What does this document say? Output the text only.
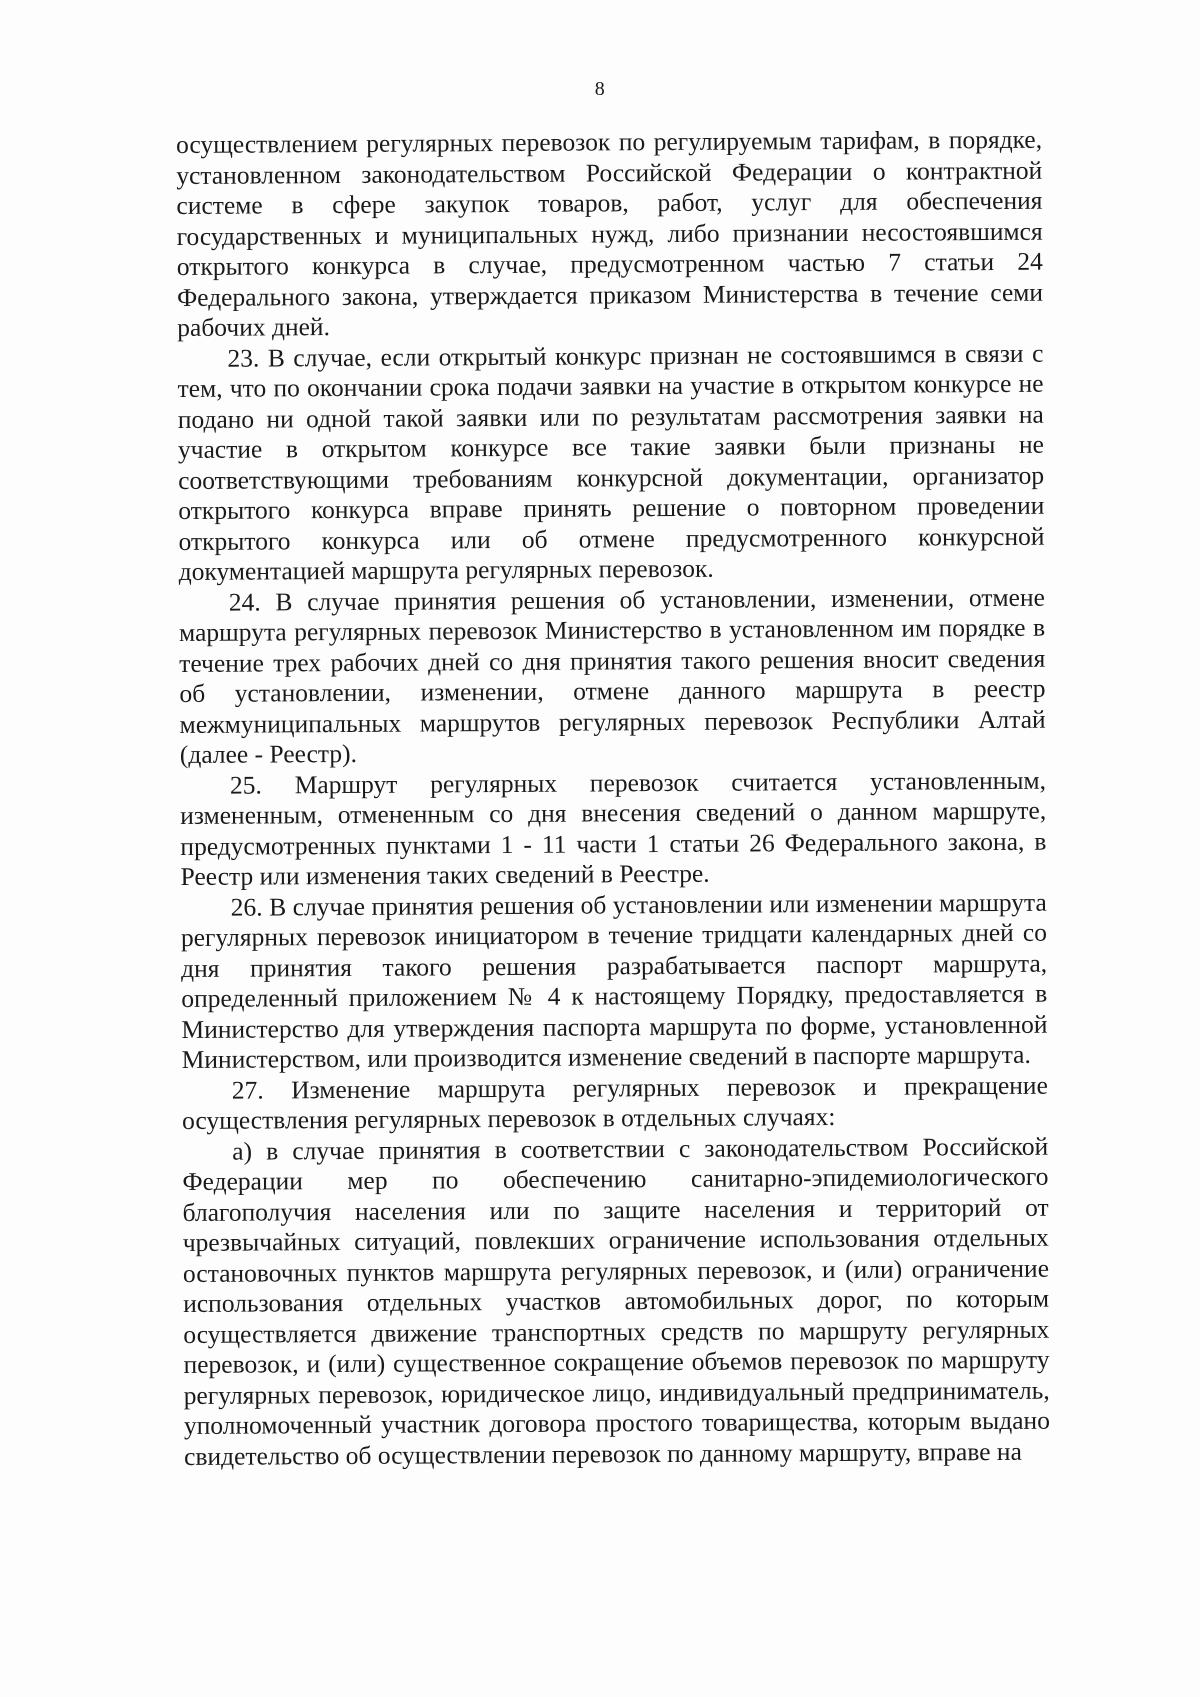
8

осуществлением регулярных перевозок по регулируемым тарифам, в порядке, установленном законодательством Российской Федерации о контрактной системе в сфере закупок товаров, работ, услуг для обеспечения государственных и муниципальных нужд, либо признании несостоявшимся открытого конкурса в случае, предусмотренном частью 7 статьи 24 Федерального закона, утверждается приказом Министерства в течение семи рабочих дней.

23. В случае, если открытый конкурс признан не состоявшимся в связи с тем, что по окончании срока подачи заявки на участие в открытом конкурсе не подано ни одной такой заявки или по результатам рассмотрения заявки на участие в открытом конкурсе все такие заявки были признаны не соответствующими требованиям конкурсной документации, организатор открытого конкурса вправе принять решение о повторном проведении открытого конкурса или об отмене предусмотренного конкурсной документацией маршрута регулярных перевозок.

24. В случае принятия решения об установлении, изменении, отмене маршрута регулярных перевозок Министерство в установленном им порядке в течение трех рабочих дней со дня принятия такого решения вносит сведения об установлении, изменении, отмене данного маршрута в реестр межмуниципальных маршрутов регулярных перевозок Республики Алтай (далее - Реестр).

25. Маршрут регулярных перевозок считается установленным, измененным, отмененным со дня внесения сведений о данном маршруте, предусмотренных пунктами 1 - 11 части 1 статьи 26 Федерального закона, в Реестр или изменения таких сведений в Реестре.

26. В случае принятия решения об установлении или изменении маршрута регулярных перевозок инициатором в течение тридцати календарных дней со дня принятия такого решения разрабатывается паспорт маршрута, определенный приложением № 4 к настоящему Порядку, предоставляется в Министерство для утверждения паспорта маршрута по форме, установленной Министерством, или производится изменение сведений в паспорте маршрута.

27. Изменение маршрута регулярных перевозок и прекращение осуществления регулярных перевозок в отдельных случаях:

а) в случае принятия в соответствии с законодательством Российской Федерации мер по обеспечению санитарно-эпидемиологического благополучия населения или по защите населения и территорий от чрезвычайных ситуаций, повлекших ограничение использования отдельных остановочных пунктов маршрута регулярных перевозок, и (или) ограничение использования отдельных участков автомобильных дорог, по которым осуществляется движение транспортных средств по маршруту регулярных перевозок, и (или) существенное сокращение объемов перевозок по маршруту регулярных перевозок, юридическое лицо, индивидуальный предприниматель, уполномоченный участник договора простого товарищества, которым выдано свидетельство об осуществлении перевозок по данному маршруту, вправе на
